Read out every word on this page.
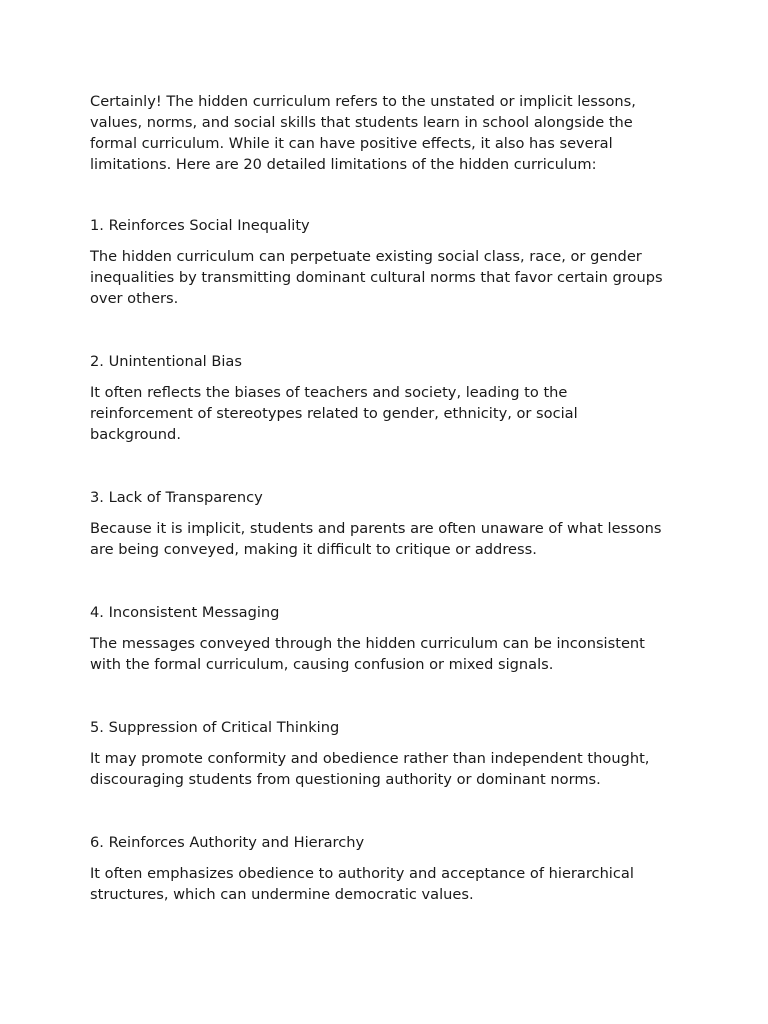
Certainly! The hidden curriculum refers to the unstated or implicit lessons, values, norms, and social skills that students learn in school alongside the formal curriculum. While it can have positive effects, it also has several limitations. Here are 20 detailed limitations of the hidden curriculum:

1. Reinforces Social Inequality

The hidden curriculum can perpetuate existing social class, race, or gender inequalities by transmitting dominant cultural norms that favor certain groups over others.

2. Unintentional Bias

It often reflects the biases of teachers and society, leading to the reinforcement of stereotypes related to gender, ethnicity, or social background.

3. Lack of Transparency

Because it is implicit, students and parents are often unaware of what lessons are being conveyed, making it difficult to critique or address.

4. Inconsistent Messaging

The messages conveyed through the hidden curriculum can be inconsistent with the formal curriculum, causing confusion or mixed signals.

5. Suppression of Critical Thinking

It may promote conformity and obedience rather than independent thought, discouraging students from questioning authority or dominant norms.

6. Reinforces Authority and Hierarchy

It often emphasizes obedience to authority and acceptance of hierarchical structures, which can undermine democratic values.
